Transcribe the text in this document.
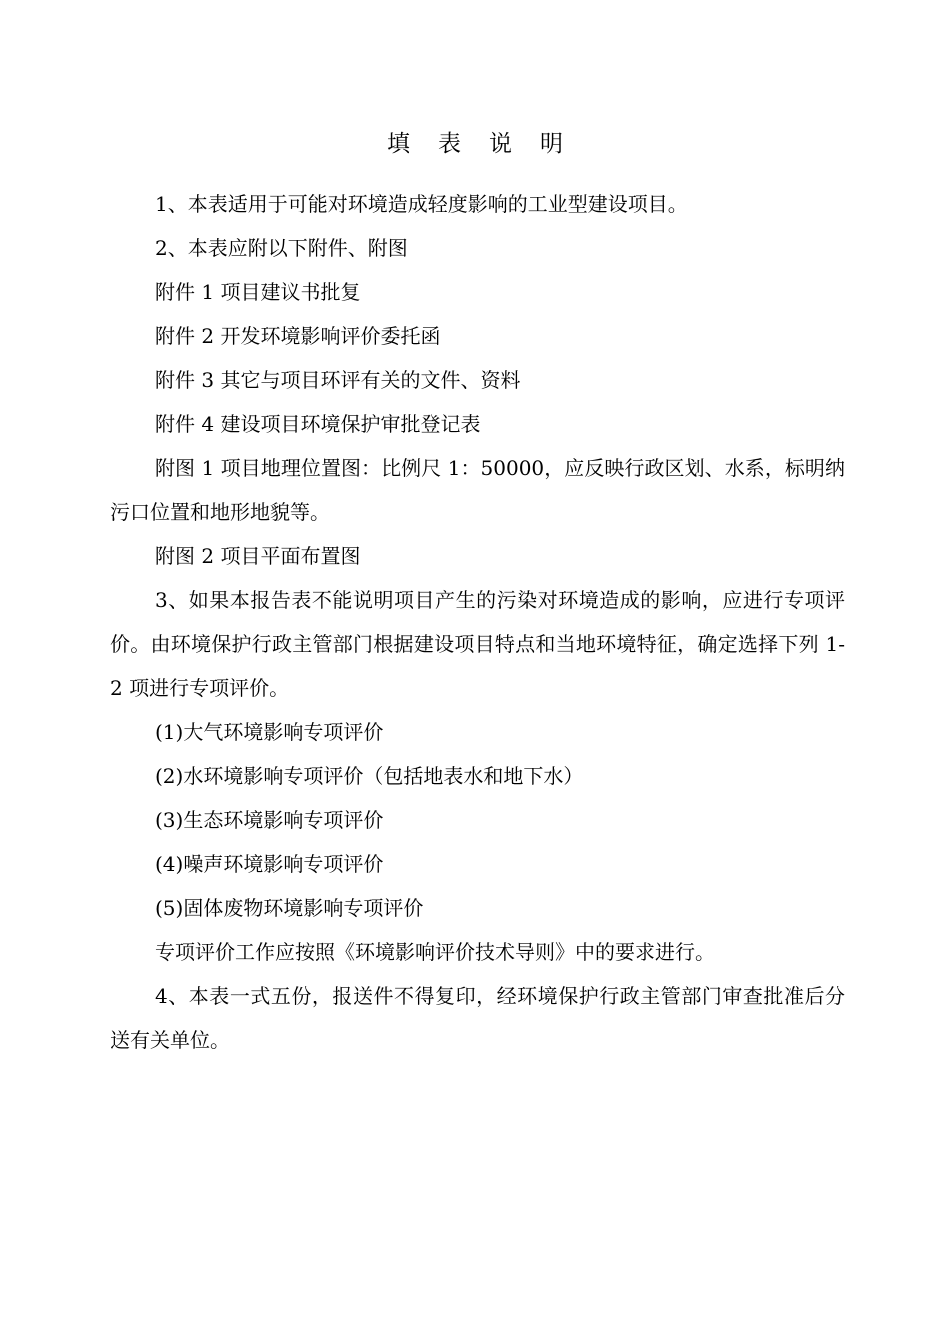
填表说明

1、本表适用于可能对环境造成轻度影响的工业型建设项目。

2、本表应附以下附件、附图

附件 1 项目建议书批复

附件 2 开发环境影响评价委托函

附件 3 其它与项目环评有关的文件、资料

附件 4 建设项目环境保护审批登记表

附图 1 项目地理位置图：比例尺 1：50000，应反映行政区划、水系，标明纳污口位置和地形地貌等。

附图 2 项目平面布置图

3、如果本报告表不能说明项目产生的污染对环境造成的影响，应进行专项评价。由环境保护行政主管部门根据建设项目特点和当地环境特征，确定选择下列 1-2 项进行专项评价。

(1)大气环境影响专项评价

(2)水环境影响专项评价（包括地表水和地下水）

(3)生态环境影响专项评价

(4)噪声环境影响专项评价

(5)固体废物环境影响专项评价

专项评价工作应按照《环境影响评价技术导则》中的要求进行。

4、本表一式五份，报送件不得复印，经环境保护行政主管部门审查批准后分送有关单位。
